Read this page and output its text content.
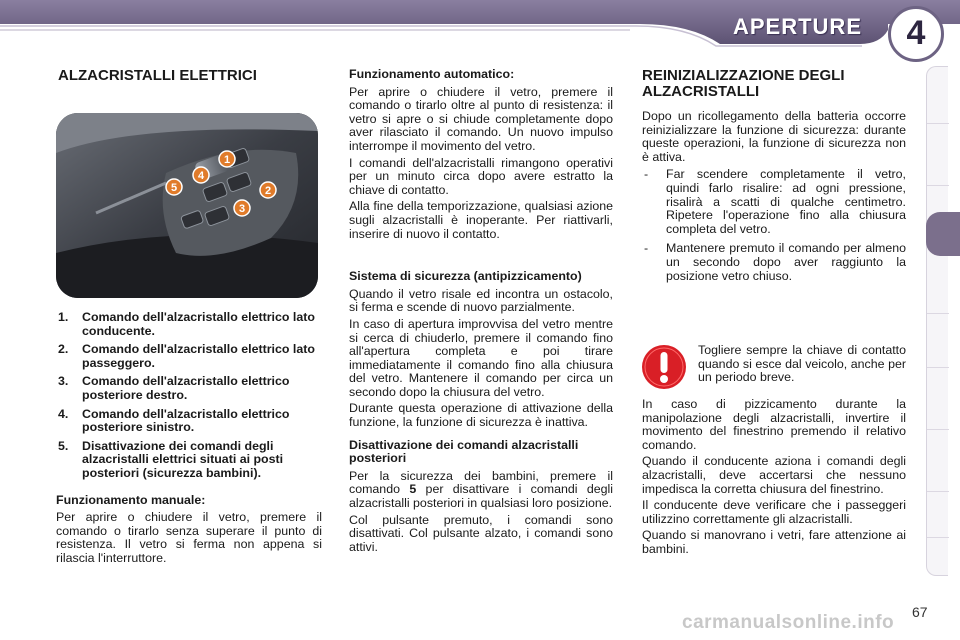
APERTURE	4
ALZACRISTALLI ELETTRICI
1
2
3
4
5
1. Comando dell'alzacristallo elettrico lato conducente.
2. Comando dell'alzacristallo elettrico lato passeggero.
3. Comando dell'alzacristallo elettrico posteriore destro.
4. Comando dell'alzacristallo elettrico posteriore sinistro.
5. Disattivazione dei comandi degli alzacristalli elettrici situati ai posti posteriori (sicurezza bambini).
Funzionamento manuale:

Per aprire o chiudere il vetro, premere il comando o tirarlo senza superare il punto di resistenza. Il vetro si ferma non appena si rilascia l'interruttore.

Funzionamento automatico:

Per aprire o chiudere il vetro, premere il comando o tirarlo oltre al punto di resistenza: il vetro si apre o si chiude completamente dopo aver rilasciato il comando. Un nuovo impulso interrompe il movimento del vetro.

I comandi dell'alzacristalli rimangono operativi per un minuto circa dopo avere estratto la chiave di contatto.

Alla fine della temporizzazione, qualsiasi azione sugli alzacristalli è inoperante. Per riattivarli, inserire di nuovo il contatto.

Sistema di sicurezza (antipizzicamento)

Quando il vetro risale ed incontra un ostacolo, si ferma e scende di nuovo parzialmente.

In caso di apertura improvvisa del vetro mentre si cerca di chiuderlo, premere il comando fino all'apertura completa e poi tirare immediatamente il comando fino alla chiusura del vetro. Mantenere il comando per circa un secondo dopo la chiusura del vetro.

Durante questa operazione di attivazione della funzione, la funzione di sicurezza è inattiva.

Disattivazione dei comandi alzacristalli posteriori

Per la sicurezza dei bambini, premere il comando 5 per disattivare i comandi degli alzacristalli posteriori in qualsiasi loro posizione.

Col pulsante premuto, i comandi sono disattivati. Col pulsante alzato, i comandi sono attivi.

REINIZIALIZZAZIONE DEGLI ALZACRISTALLI

Dopo un ricollegamento della batteria occorre reinizializzare la funzione di sicurezza: durante queste operazioni, la funzione di sicurezza non è attiva.

- Far scendere completamente il vetro, quindi farlo risalire: ad ogni pressione, risalirà a scatti di qualche centimetro. Ripetere l'operazione fino alla chiusura completa del vetro.
- Mantenere premuto il comando per almeno un secondo dopo aver raggiunto la posizione vetro chiuso.

Togliere sempre la chiave di contatto quando si esce dal veicolo, anche per un periodo breve.

In caso di pizzicamento durante la manipolazione degli alzacristalli, invertire il movimento del finestrino premendo il relativo comando.

Quando il conducente aziona i comandi degli alzacristalli, deve accertarsi che nessuno impedisca la corretta chiusura del finestrino.

Il conducente deve verificare che i passeggeri utilizzino correttamente gli alzacristalli.

Quando si manovrano i vetri, fare attenzione ai bambini.

carmanualsonline.info 67
